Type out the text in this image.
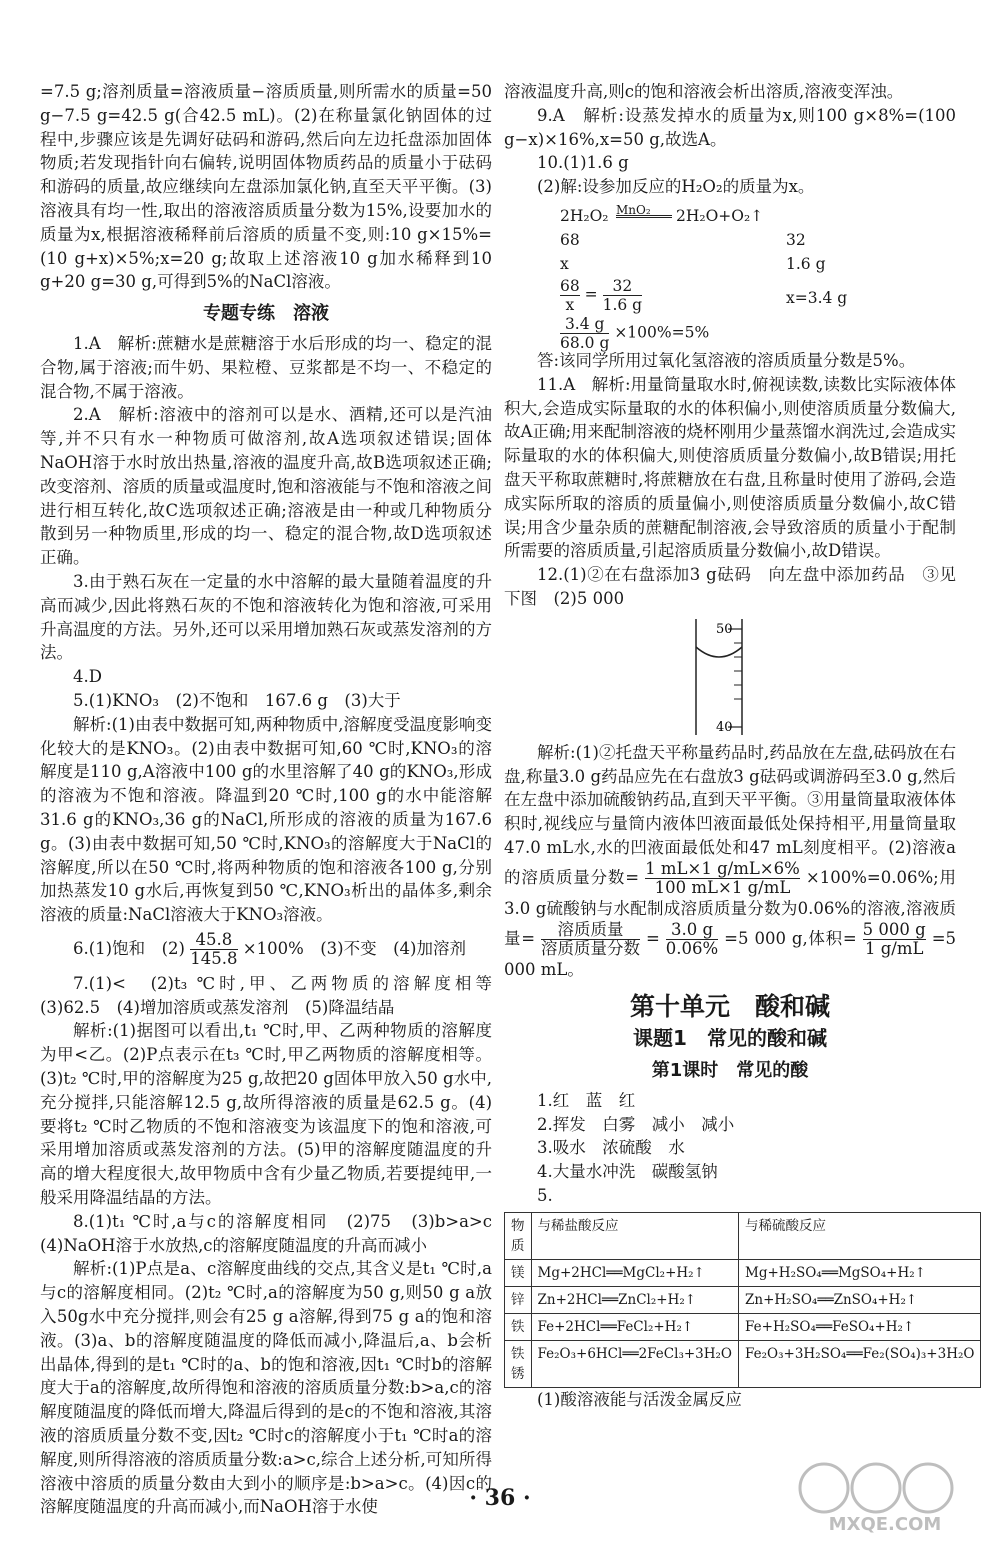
=7.5 g;溶剂质量=溶液质量−溶质质量,则所需水的质量=50 g−7.5 g=42.5 g(合42.5 mL)。(2)在称量氯化钠固体的过程中,步骤应该是先调好砝码和游码,然后向左边托盘添加固体物质;若发现指针向右偏转,说明固体物质药品的质量小于砝码和游码的质量,故应继续向左盘添加氯化钠,直至天平平衡。(3)溶液具有均一性,取出的溶液溶质质量分数为15%,设要加水的质量为x,根据溶液稀释前后溶质的质量不变,则:10 g×15%=(10 g+x)×5%;x=20 g;故取上述溶液10 g加水稀释到10 g+20 g=30 g,可得到5%的NaCl溶液。

专题专练　溶液

1.A　解析:蔗糖水是蔗糖溶于水后形成的均一、稳定的混合物,属于溶液;而牛奶、果粒橙、豆浆都是不均一、不稳定的混合物,不属于溶液。

2.A　解析:溶液中的溶剂可以是水、酒精,还可以是汽油等,并不只有水一种物质可做溶剂,故A选项叙述错误;固体NaOH溶于水时放出热量,溶液的温度升高,故B选项叙述正确;改变溶剂、溶质的质量或温度时,饱和溶液能与不饱和溶液之间进行相互转化,故C选项叙述正确;溶液是由一种或几种物质分散到另一种物质里,形成的均一、稳定的混合物,故D选项叙述正确。

3.由于熟石灰在一定量的水中溶解的最大量随着温度的升高而减少,因此将熟石灰的不饱和溶液转化为饱和溶液,可采用升高温度的方法。另外,还可以采用增加熟石灰或蒸发溶剂的方法。

4.D

5.(1)KNO₃　(2)不饱和　167.6 g　(3)大于

解析:(1)由表中数据可知,两种物质中,溶解度受温度影响变化较大的是KNO₃。(2)由表中数据可知,60 ℃时,KNO₃的溶解度是110 g,A溶液中100 g的水里溶解了40 g的KNO₃,形成的溶液为不饱和溶液。降温到20 ℃时,100 g的水中能溶解31.6 g的KNO₃,36 g的NaCl,所形成的溶液的质量为167.6 g。(3)由表中数据可知,50 ℃时,KNO₃的溶解度大于NaCl的溶解度,所以在50 ℃时,将两种物质的饱和溶液各100 g,分别加热蒸发10 g水后,再恢复到50 ℃,KNO₃析出的晶体多,剩余溶液的质量:NaCl溶液大于KNO₃溶液。

6.(1)饱和　$(2) \frac{45.8}{145.8} \times 100\%$　(3)不变　(4)加溶剂

7.(1)<　(2)t₃ ℃时,甲、乙两物质的溶解度相等　(3)62.5　(4)增加溶质或蒸发溶剂　(5)降温结晶

解析:(1)据图可以看出,t₁ ℃时,甲、乙两种物质的溶解度为甲<乙。(2)P点表示在t₃ ℃时,甲乙两物质的溶解度相等。(3)t₂ ℃时,甲的溶解度为25 g,故把20 g固体甲放入50 g水中,充分搅拌,只能溶解12.5 g,故所得溶液的质量是62.5 g。(4)要将t₂ ℃时乙物质的不饱和溶液变为该温度下的饱和溶液,可采用增加溶质或蒸发溶剂的方法。(5)甲的溶解度随温度的升高的增大程度很大,故甲物质中含有少量乙物质,若要提纯甲,一般采用降温结晶的方法。

8.(1)t₁ ℃时,a与c的溶解度相同　(2)75　(3)b>a>c　(4)NaOH溶于水放热,c的溶解度随温度的升高而减小

解析:(1)P点是a、c溶解度曲线的交点,其含义是t₁ ℃时,a与c的溶解度相同。(2)t₂ ℃时,a的溶解度为50 g,则50 g a放入50g水中充分搅拌,则会有25 g a溶解,得到75 g a的饱和溶液。(3)a、b的溶解度随温度的降低而减小,降温后,a、b会析出晶体,得到的是t₁ ℃时的a、b的饱和溶液,因t₁ ℃时b的溶解度大于a的溶解度,故所得饱和溶液的溶质质量分数:b>a,c的溶解度随温度的降低而增大,降温后得到的是c的不饱和溶液,其溶液的溶质质量分数不变,因t₂ ℃时c的溶解度小于t₁ ℃时a的溶解度,则所得溶液的溶质质量分数:a>c,综合上述分析,可知所得溶液中溶质的质量分数由大到小的顺序是:b>a>c。(4)因c的溶解度随温度的升高而减小,而NaOH溶于水使

溶液温度升高,则c的饱和溶液会析出溶质,溶液变浑浊。

9.A　解析:设蒸发掉水的质量为x,则100 g×8%=(100 g−x)×16%,x=50 g,故选A。

10.(1)1.6 g

(2)解:设参加反应的H₂O₂的质量为x。

MnO₂
2H₂O₂	2H₂O+O₂↑
68	32
x	1.6 g
$\frac{68}{x} = \frac{32}{1.6 g}$	x=3.4 g
$\frac{3.4 g}{68.0 g} \times 100\%=5\%$

答:该同学所用过氧化氢溶液的溶质质量分数是5%。

11.A　解析:用量筒量取水时,俯视读数,读数比实际液体体积大,会造成实际量取的水的体积偏小,则使溶质质量分数偏大,故A正确;用来配制溶液的烧杯刚用少量蒸馏水润洗过,会造成实际量取的水的体积偏大,则使溶质质量分数偏小,故B错误;用托盘天平称取蔗糖时,将蔗糖放在右盘,且称量时使用了游码,会造成实际所取的溶质的质量偏小,则使溶质质量分数偏小,故C错误;用含少量杂质的蔗糖配制溶液,会导致溶质的质量小于配制所需要的溶质质量,引起溶质质量分数偏小,故D错误。

12.(1)②在右盘添加3 g砝码　向左盘中添加药品　③见下图　(2)5 000

50
40

解析:(1)②托盘天平称量药品时,药品放在左盘,砝码放在右盘,称量3.0 g药品应先在右盘放3 g砝码或调游码至3.0 g,然后在左盘中添加硫酸钠药品,直到天平平衡。③用量筒量取液体体积时,视线应与量筒内液体凹液面最低处保持相平,用量筒量取47.0 mL水,水的凹液面最低处和47 mL刻度相平。(2)溶液a的溶质质量分数= $\frac{1 mL\times 1 g/mL\times 6\%}{100 mL\times 1 g/mL} \times 100\%=0.06\%$;用3.0 g硫酸钠与水配制成溶质质量分数为0.06%的溶液,溶液质量=	溶质质量
溶质质量分数
= $\frac{3.0 g}{0.06\%} =5$ 000 g,体积= $\frac{5 000 g}{1 g/mL} =5$ 000 mL。

第十单元　酸和碱
课题1　常见的酸和碱
第1课时　常见的酸

1.红　蓝　红

2.挥发　白雾　减小　减小

3.吸水　浓硫酸　水

4.大量水冲洗　碳酸氢钠

5.

物质	与稀盐酸反应	与稀硫酸反应
镁	Mg+2HCl══MgCl₂+H₂↑	Mg+H₂SO₄══MgSO₄+H₂↑
锌	Zn+2HCl══ZnCl₂+H₂↑	Zn+H₂SO₄══ZnSO₄+H₂↑
铁	Fe+2HCl══FeCl₂+H₂↑	Fe+H₂SO₄══FeSO₄+H₂↑
铁锈	Fe₂O₃+6HCl══2FeCl₃+3H₂O	Fe₂O₃+3H₂SO₄══Fe₂(SO₄)₃+3H₂O

(1)酸溶液能与活泼金属反应

· 36 ·
MXQE.COM
